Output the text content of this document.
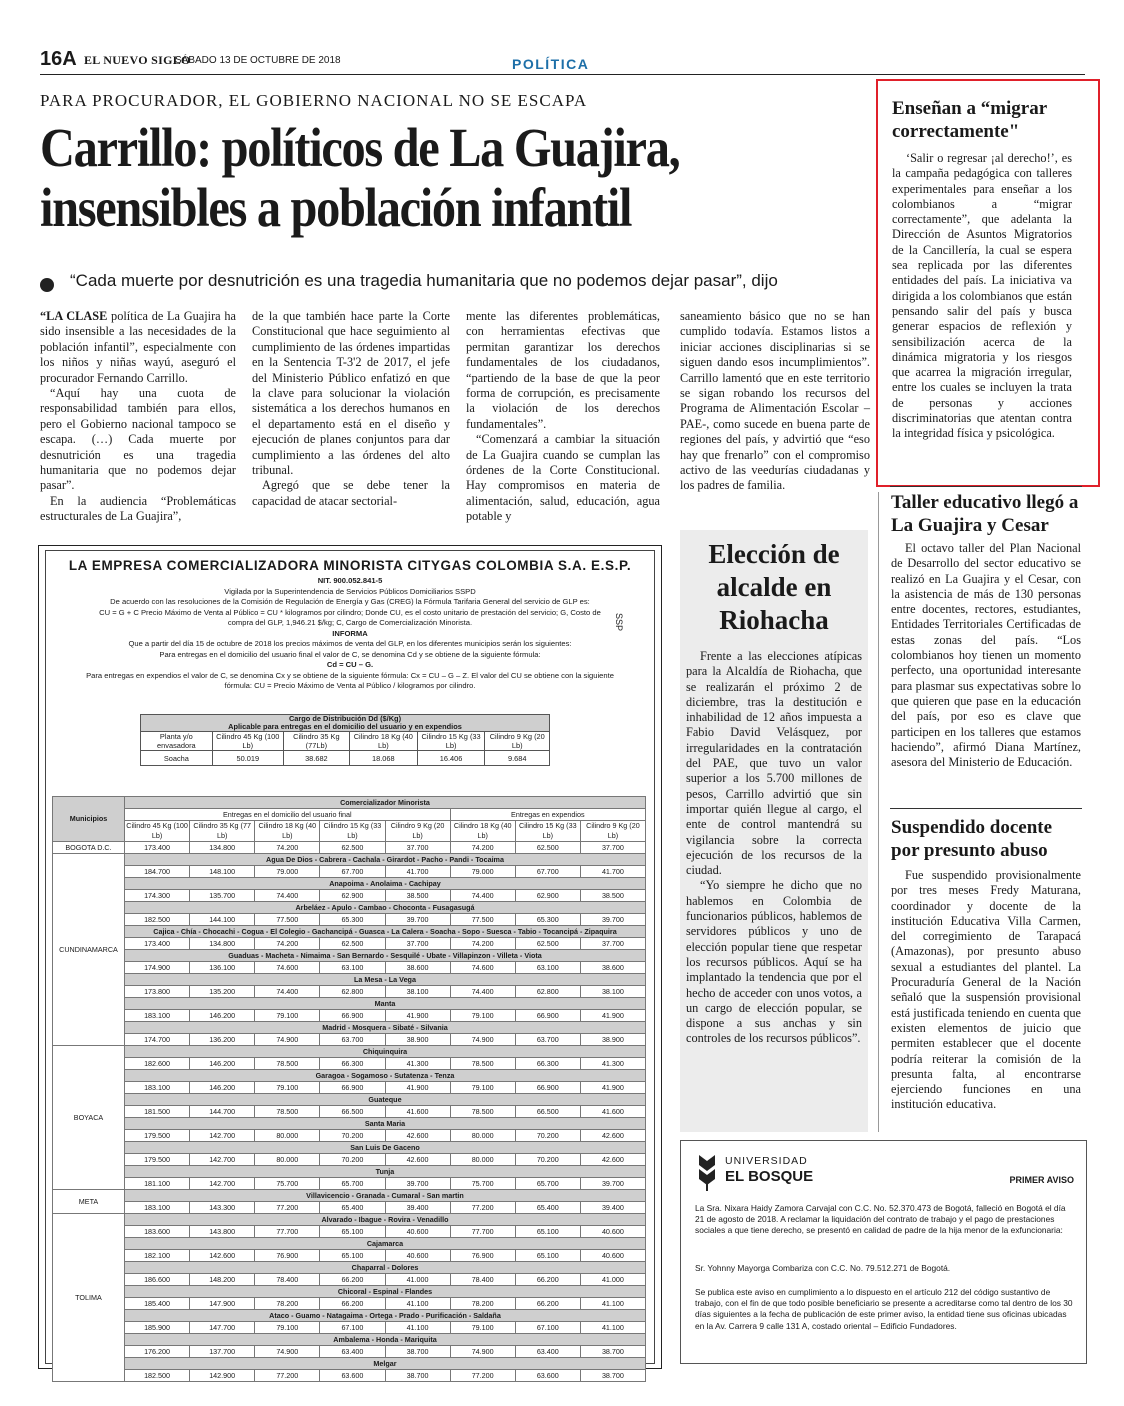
16A EL NUEVO SIGLO
SÁBADO 13 DE OCTUBRE DE 2018	POLÍTICA
PARA PROCURADOR, EL GOBIERNO NACIONAL NO SE ESCAPA
Carrillo: políticos de La Guajira,
insensibles a población infantil
“Cada muerte por desnutrición es una tragedia humanitaria que no podemos dejar pasar”, dijo

“LA CLASE política de La Guajira ha sido insensible a las necesidades de la población infantil”, especialmente con los niños y niñas wayú, aseguró el procurador Fernando Carrillo.

“Aquí hay una cuota de responsabilidad también para ellos, pero el Gobierno nacional tampoco se escapa. (…) Cada muerte por desnutrición es una tragedia humanitaria que no podemos dejar pasar”.

En la audiencia “Problemáticas estructurales de La Guajira”,

de la que también hace parte la Corte Constitucional que hace seguimiento al cumplimiento de las órdenes impartidas en la Sentencia T-3'2 de 2017, el jefe del Ministerio Público enfatizó en que la clave para solucionar la violación sistemática a los derechos humanos en el departamento está en el diseño y ejecución de planes conjuntos para dar cumplimiento a las órdenes del alto tribunal.

Agregó que se debe tener la capacidad de atacar sectorial-

mente las diferentes problemáticas, con herramientas efectivas que permitan garantizar los derechos fundamentales de los ciudadanos, “partiendo de la base de que la peor forma de corrupción, es precisamente la violación de los derechos fundamentales”.

“Comenzará a cambiar la situación de La Guajira cuando se cumplan las órdenes de la Corte Constitucional. Hay compromisos en materia de alimentación, salud, educación, agua potable y

saneamiento básico que no se han cumplido todavía. Estamos listos a iniciar acciones disciplinarias si se siguen dando esos incumplimientos”. Carrillo lamentó que en este territorio se sigan robando los recursos del Programa de Alimentación Escolar – PAE-, como sucede en buena parte de regiones del país, y advirtió que “eso hay que frenarlo” con el compromiso activo de las veedurías ciudadanas y los padres de familia.

Enseñan a “migrar correctamente"
‘Salir o regresar ¡al derecho!’, es la campaña pedagógica con talleres experimentales para enseñar a los colombianos a “migrar correctamente”, que adelanta la Dirección de Asuntos Migratorios de la Cancillería, la cual se espera sea replicada por las diferentes entidades del país. La iniciativa va dirigida a los colombianos que están pensando salir del país y busca generar espacios de reflexión y sensibilización acerca de la dinámica migratoria y los riesgos que acarrea la migración irregular, entre los cuales se incluyen la trata de personas y acciones discriminatorias que atentan contra la integridad física y psicológica.
Taller educativo llegó a La Guajira y Cesar
El octavo taller del Plan Nacional de Desarrollo del sector educativo se realizó en La Guajira y el Cesar, con la asistencia de más de 130 personas entre docentes, rectores, estudiantes, Entidades Territoriales Certificadas de estas zonas del país. “Los colombianos hoy tienen un momento perfecto, una oportunidad interesante para plasmar sus expectativas sobre lo que quieren que pase en la educación del país, por eso es clave que participen en los talleres que estamos haciendo”, afirmó Diana Martínez, asesora del Ministerio de Educación.
Suspendido docente por presunto abuso
Fue suspendido provisionalmente por tres meses Fredy Maturana, coordinador y docente de la institución Educativa Villa Carmen, del corregimiento de Tarapacá (Amazonas), por presunto abuso sexual a estudiantes del plantel. La Procuraduría General de la Nación señaló que la suspensión provisional está justificada teniendo en cuenta que existen elementos de juicio que permiten establecer que el docente podría reiterar la comisión de la presunta falta, al encontrarse ejerciendo funciones en una institución educativa.
Elección de alcalde en Riohacha
Frente a las elecciones atípicas para la Alcaldía de Riohacha, que se realizarán el próximo 2 de diciembre, tras la destitución e inhabilidad de 12 años impuesta a Fabio David Velásquez, por irregularidades en la contratación del PAE, que tuvo un valor superior a los 5.700 millones de pesos, Carrillo advirtió que sin importar quién llegue al cargo, el ente de control mantendrá su vigilancia sobre la correcta ejecución de los recursos de la ciudad.
“Yo siempre he dicho que no hablemos en Colombia de funcionarios públicos, hablemos de servidores públicos y uno de elección popular tiene que respetar los recursos públicos. Aquí se ha implantado la tendencia que por el hecho de acceder con unos votos, a un cargo de elección popular, se dispone a sus anchas y sin controles de los recursos públicos”.
LA EMPRESA COMERCIALIZADORA MINORISTA CITYGAS COLOMBIA S.A. E.S.P.
NIT. 900.052.841-5
Vigilada por la Superintendencia de Servicios Públicos Domiciliarios SSPD
De acuerdo con las resoluciones de la Comisión de Regulación de Energía y Gas (CREG) la Fórmula Tarifaria General del servicio de GLP es:
CU = G + C Precio Máximo de Venta al Público = CU * kilogramos por cilindro; Donde CU, es el costo unitario de prestación del servicio; G, Costo de
compra del GLP, 1,946.21 $/kg; C, Cargo de Comercialización Minorista.
INFORMA
Que a partir del día 15 de octubre de 2018 los precios máximos de venta del GLP, en los diferentes municipios serán los siguientes:
Para entregas en el domicilio del usuario final el valor de C, se denomina Cd y se obtiene de la siguiente fórmula:
Cd = CU – G.
Para entregas en expendios el valor de C, se denomina Cx y se obtiene de la siguiente fórmula: Cx = CU – G – Z. El valor del CU se obtiene con la siguiente
fórmula: CU = Precio Máximo de Venta al Público / kilogramos por cilindro.
SSP
Cargo de Distribución Dd ($/Kg)
Aplicable para entregas en el domicilio del usuario y en expendios					
Planta y/o envasadora	Cilindro 45 Kg (100 Lb)	Cilindro 35 Kg (77Lb)	Cilindro 18 Kg (40 Lb)	Cilindro 15 Kg (33 Lb)	Cilindro 9 Kg (20 Lb)
Soacha	50.019	38.682	18.068	16.406	9.684
Municipios	Comercializador Minorista							
	Entregas en el domicilio del usuario final					Entregas en expendios		
	Cilindro 45 Kg (100 Lb)	Cilindro 35 Kg (77 Lb)	Cilindro 18 Kg (40 Lb)	Cilindro 15 Kg (33 Lb)	Cilindro 9 Kg (20 Lb)	Cilindro 18 Kg (40 Lb)	Cilindro 15 Kg (33 Lb)	Cilindro 9 Kg (20 Lb)
BOGOTA D.C.	173.400	134.800	74.200	62.500	37.700	74.200	62.500	37.700
CUNDINAMARCA	Agua De Dios - Cabrera - Cachala - Girardot - Pacho - Pandi - Tocaima							
	184.700	148.100	79.000	67.700	41.700	79.000	67.700	41.700
	Anapoima - Anolaima - Cachipay							
	174.300	135.700	74.400	62.900	38.500	74.400	62.900	38.500
	Arbeláez - Apulo - Cambao - Choconta - Fusagasugá							
	182.500	144.100	77.500	65.300	39.700	77.500	65.300	39.700
	Cajica - Chía - Chocachi - Cogua - El Colegio - Gachancipá - Guasca - La Calera - Soacha - Sopo - Suesca - Tabio - Tocancipá - Zipaquira							
	173.400	134.800	74.200	62.500	37.700	74.200	62.500	37.700
	Guaduas - Macheta - Nimaima - San Bernardo - Sesquilé - Ubate - Villapinzon - Villeta - Viota							
	174.900	136.100	74.600	63.100	38.600	74.600	63.100	38.600
	La Mesa - La Vega							
	173.800	135.200	74.400	62.800	38.100	74.400	62.800	38.100
	Manta							
	183.100	146.200	79.100	66.900	41.900	79.100	66.900	41.900
	Madrid - Mosquera - Sibaté - Silvania							
	174.700	136.200	74.900	63.700	38.900	74.900	63.700	38.900
BOYACA	Chiquinquira							
	182.600	146.200	78.500	66.300	41.300	78.500	66.300	41.300
	Garagoa - Sogamoso - Sutatenza - Tenza							
	183.100	146.200	79.100	66.900	41.900	79.100	66.900	41.900
	Guateque							
	181.500	144.700	78.500	66.500	41.600	78.500	66.500	41.600
	Santa Maria							
	179.500	142.700	80.000	70.200	42.600	80.000	70.200	42.600
	San Luis De Gaceno							
	179.500	142.700	80.000	70.200	42.600	80.000	70.200	42.600
	Tunja							
	181.100	142.700	75.700	65.700	39.700	75.700	65.700	39.700
META	Villavicencio - Granada - Cumaral - San martin							
	183.100	143.300	77.200	65.400	39.400	77.200	65.400	39.400
TOLIMA	Alvarado - Ibague - Rovira - Venadillo							
	183.600	143.800	77.700	65.100	40.600	77.700	65.100	40.600
	Cajamarca							
	182.100	142.600	76.900	65.100	40.600	76.900	65.100	40.600
	Chaparral - Dolores							
	186.600	148.200	78.400	66.200	41.000	78.400	66.200	41.000
	Chicoral - Espinal - Flandes							
	185.400	147.900	78.200	66.200	41.100	78.200	66.200	41.100
	Ataco - Guamo - Natagaima - Ortega - Prado - Purificación - Saldaña							
	185.900	147.700	79.100	67.100	41.100	79.100	67.100	41.100
	Ambalema - Honda - Mariquita							
	176.200	137.700	74.900	63.400	38.700	74.900	63.400	38.700
	Melgar							
	182.500	142.900	77.200	63.600	38.700	77.200	63.600	38.700
UNIVERSIDAD
EL BOSQUE	PRIMER AVISO
La Sra. Nixara Haidy Zamora Carvajal con C.C. No. 52.370.473 de Bogotá, falleció en Bogotá el día 21 de agosto de 2018. A reclamar la liquidación del contrato de trabajo y el pago de prestaciones sociales a que tiene derecho, se presentó en calidad de padre de la hija menor de la exfuncionaria:
Sr. Yohnny Mayorga Combariza con C.C. No. 79.512.271 de Bogotá.
Se publica este aviso en cumplimiento a lo dispuesto en el artículo 212 del código sustantivo de trabajo, con el fin de que todo posible beneficiario se presente a acreditarse como tal dentro de los 30 días siguientes a la fecha de publicación de este primer aviso, la entidad tiene sus oficinas ubicadas en la Av. Carrera 9 calle 131 A, costado oriental – Edificio Fundadores.
